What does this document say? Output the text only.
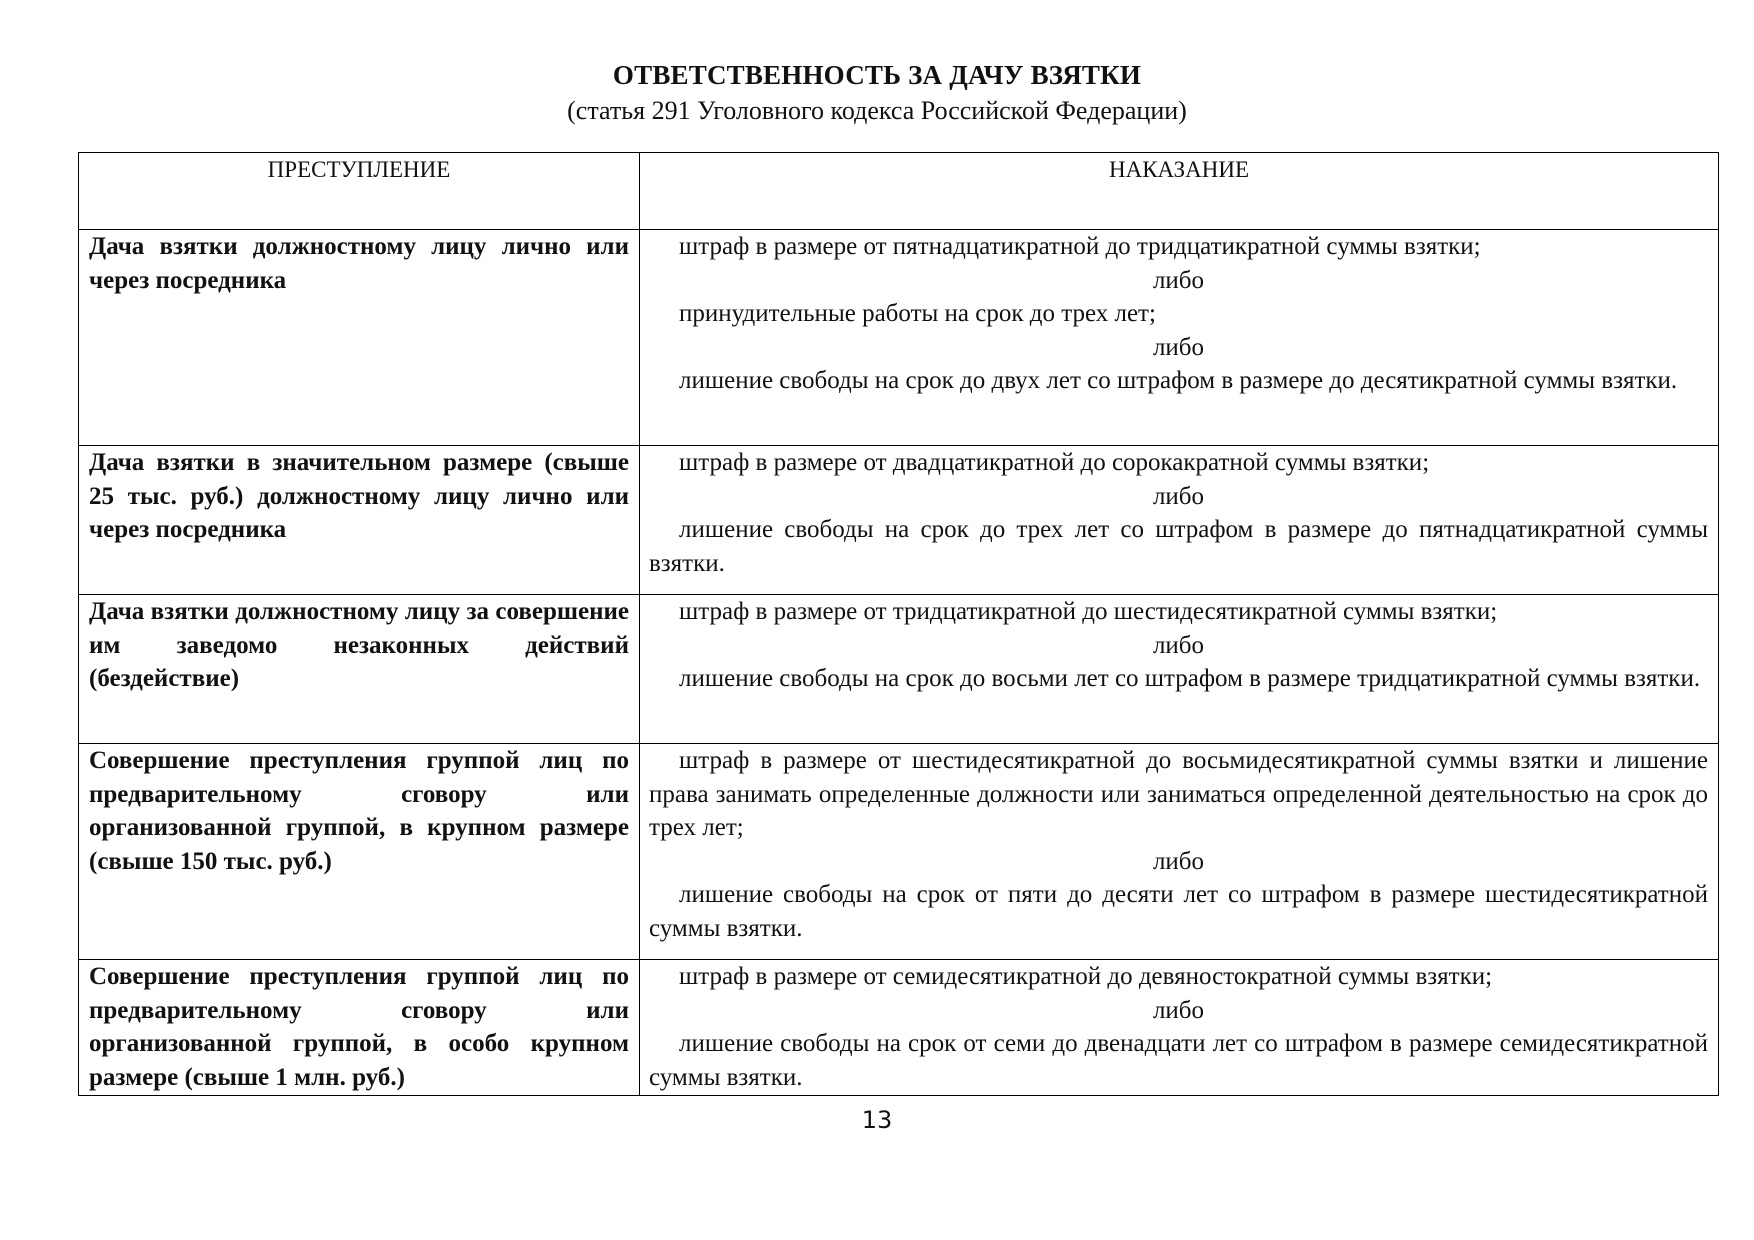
ОТВЕТСТВЕННОСТЬ ЗА ДАЧУ ВЗЯТКИ
(статья 291 Уголовного кодекса Российской Федерации)
ПРЕСТУПЛЕНИЕ	НАКАЗАНИЕ
Дача взятки должностному лицу лично или через посредника	штраф в размере от пятнадцатикратной до тридцатикратной суммы взятки;

либо

принудительные работы на срок до трех лет;

либо

лишение свободы на срок до двух лет со штрафом в размере до десятикратной суммы взятки.

Дача взятки в значительном размере (свыше 25 тыс. руб.) должностному лицу лично или через посредника	штраф в размере от двадцатикратной до сорокакратной суммы взятки;

либо

лишение свободы на срок до трех лет со штрафом в размере до пятнадцатикратной суммы взятки.

Дача взятки должностному лицу за совершение им заведомо незаконных действий (бездействие)	штраф в размере от тридцатикратной до шестидесятикратной суммы взятки;

либо

лишение свободы на срок до восьми лет со штрафом в размере тридцатикратной суммы взятки.

Совершение преступления группой лиц по предварительному сговору или организованной группой, в крупном размере (свыше 150 тыс. руб.)	штраф в размере от шестидесятикратной до восьмидесятикратной суммы взятки и лишение права занимать определенные должности или заниматься определенной деятельностью на срок до трех лет;

либо

лишение свободы на срок от пяти до десяти лет со штрафом в размере шестидесятикратной суммы взятки.

Совершение преступления группой лиц по предварительному сговору или организованной группой, в особо крупном размере (свыше 1 млн. руб.)	штраф в размере от семидесятикратной до девяностократной суммы взятки;

либо

лишение свободы на срок от семи до двенадцати лет со штрафом в размере семидесятикратной суммы взятки.

13
